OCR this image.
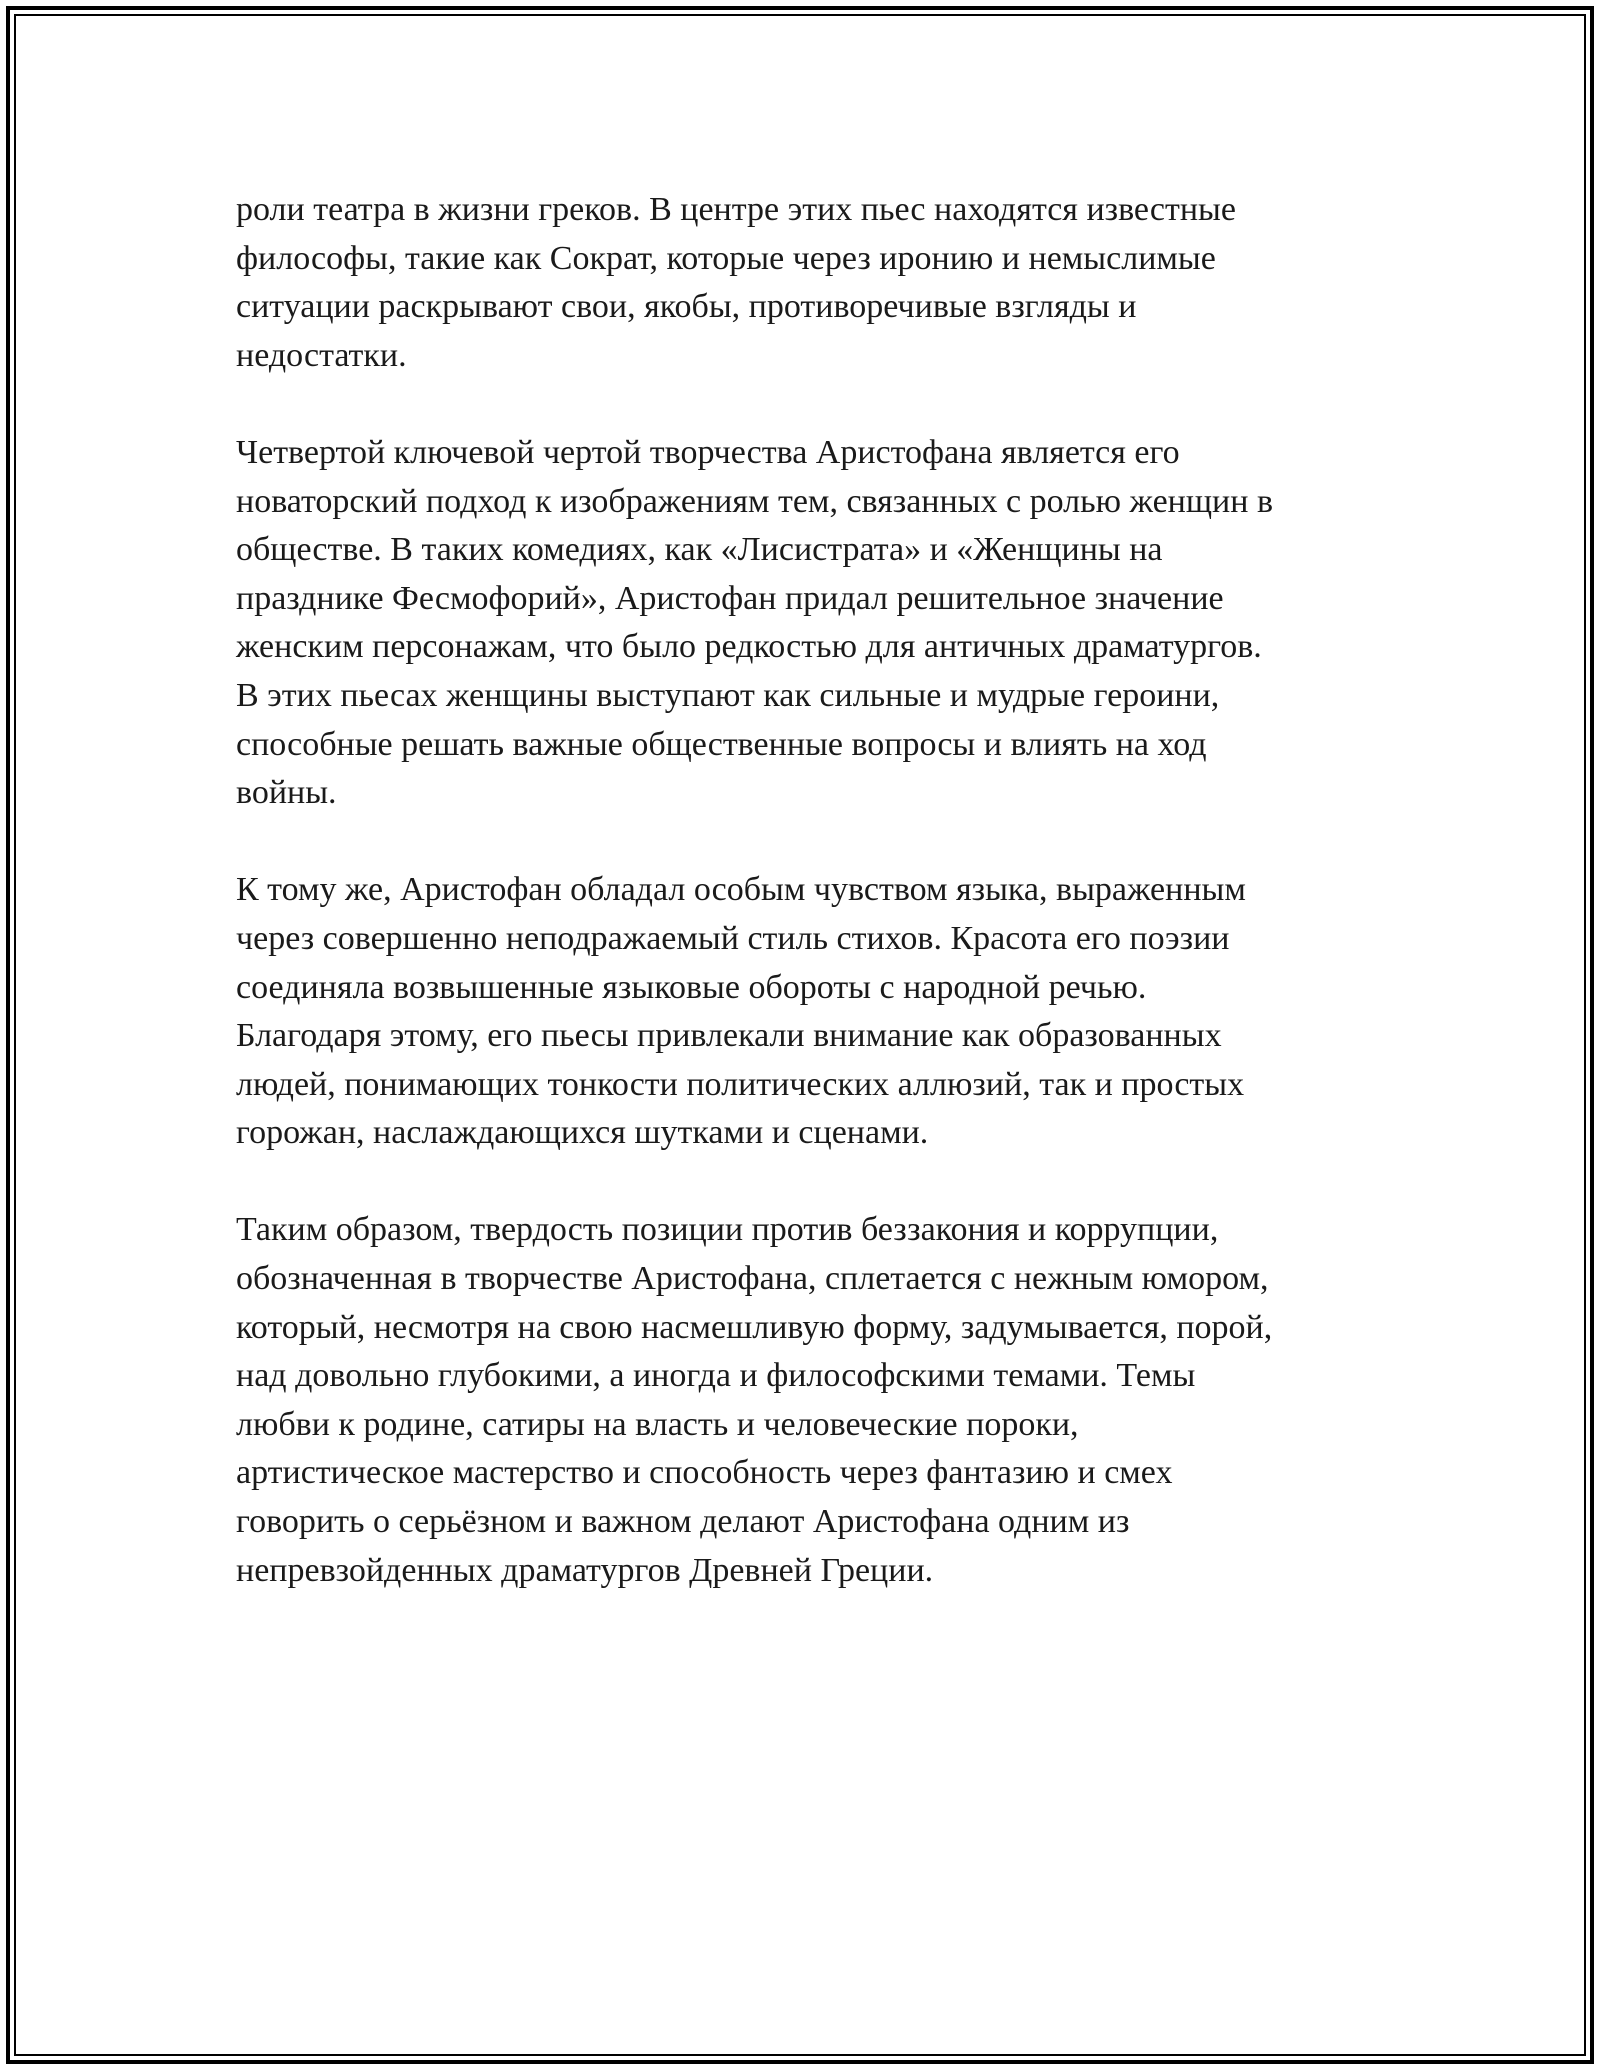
роли театра в жизни греков. В центре этих пьес находятся известные
философы, такие как Сократ, которые через иронию и немыслимые
ситуации раскрывают свои, якобы, противоречивые взгляды и
недостатки.

Четвертой ключевой чертой творчества Аристофана является его
новаторский подход к изображениям тем, связанных с ролью женщин в
обществе. В таких комедиях, как «Лисистрата» и «Женщины на
празднике Фесмофорий», Аристофан придал решительное значение
женским персонажам, что было редкостью для античных драматургов.
В этих пьесах женщины выступают как сильные и мудрые героини,
способные решать важные общественные вопросы и влиять на ход
войны.

К тому же, Аристофан обладал особым чувством языка, выраженным
через совершенно неподражаемый стиль стихов. Красота его поэзии
соединяла возвышенные языковые обороты с народной речью.
Благодаря этому, его пьесы привлекали внимание как образованных
людей, понимающих тонкости политических аллюзий, так и простых
горожан, наслаждающихся шутками и сценами.

Таким образом, твердость позиции против беззакония и коррупции,
обозначенная в творчестве Аристофана, сплетается с нежным юмором,
который, несмотря на свою насмешливую форму, задумывается, порой,
над довольно глубокими, а иногда и философскими темами. Темы
любви к родине, сатиры на власть и человеческие пороки,
артистическое мастерство и способность через фантазию и смех
говорить о серьёзном и важном делают Аристофана одним из
непревзойденных драматургов Древней Греции.
